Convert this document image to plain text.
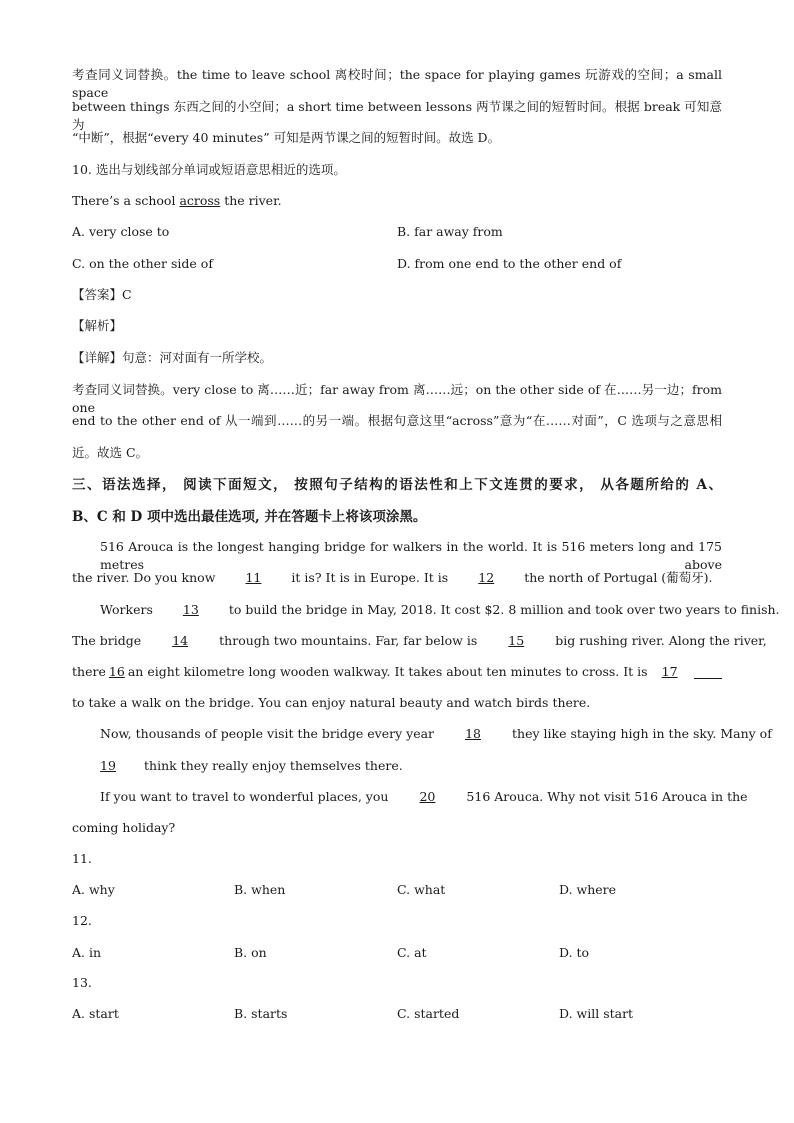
考查同义词替换。the time to leave school 离校时间；the space for playing games 玩游戏的空间；a small space
between things 东西之间的小空间；a short time between lessons 两节课之间的短暂时间。根据 break 可知意为
“中断”，根据“every 40 minutes” 可知是两节课之间的短暂时间。故选 D。
10. 选出与划线部分单词或短语意思相近的选项。
There’s a school across the river.
A. very close to	B. far away from
C. on the other side of	D. from one end to the other end of
【答案】C
【解析】
【详解】句意：河对面有一所学校。
考查同义词替换。very close to 离……近；far away from 离……远；on the other side of 在……另一边；from one
end to the other end of 从一端到……的另一端。根据句意这里“across”意为“在……对面”，C 选项与之意思相
近。故选 C。
三、语法选择， 阅读下面短文， 按照句子结构的语法性和上下文连贯的要求， 从各题所给的 A、
B、C 和 D 项中选出最佳选项, 并在答题卡上将该项涂黑。
516 Arouca is the longest hanging bridge for walkers in the world. It is 516 meters long and 175 metres above
the river. Do you know 11 it is? It is in Europe. It is 12 the north of Portugal (葡萄牙).
Workers 13 to build the bridge in May, 2018. It cost $2. 8 million and took over two years to finish.
The bridge 14 through two mountains. Far, far below is 15 big rushing river. Along the river,
there 16 an eight kilometre long wooden walkway. It takes about ten minutes to cross. It is 17
to take a walk on the bridge. You can enjoy natural beauty and watch birds there.
Now, thousands of people visit the bridge every year 18 they like staying high in the sky. Many of
19 think they really enjoy themselves there.
If you want to travel to wonderful places, you 20 516 Arouca. Why not visit 516 Arouca in the
coming holiday?
11.
A. why	B. when	C. what	D. where
12.
A. in	B. on	C. at	D. to
13.
A. start	B. starts	C. started	D. will start
